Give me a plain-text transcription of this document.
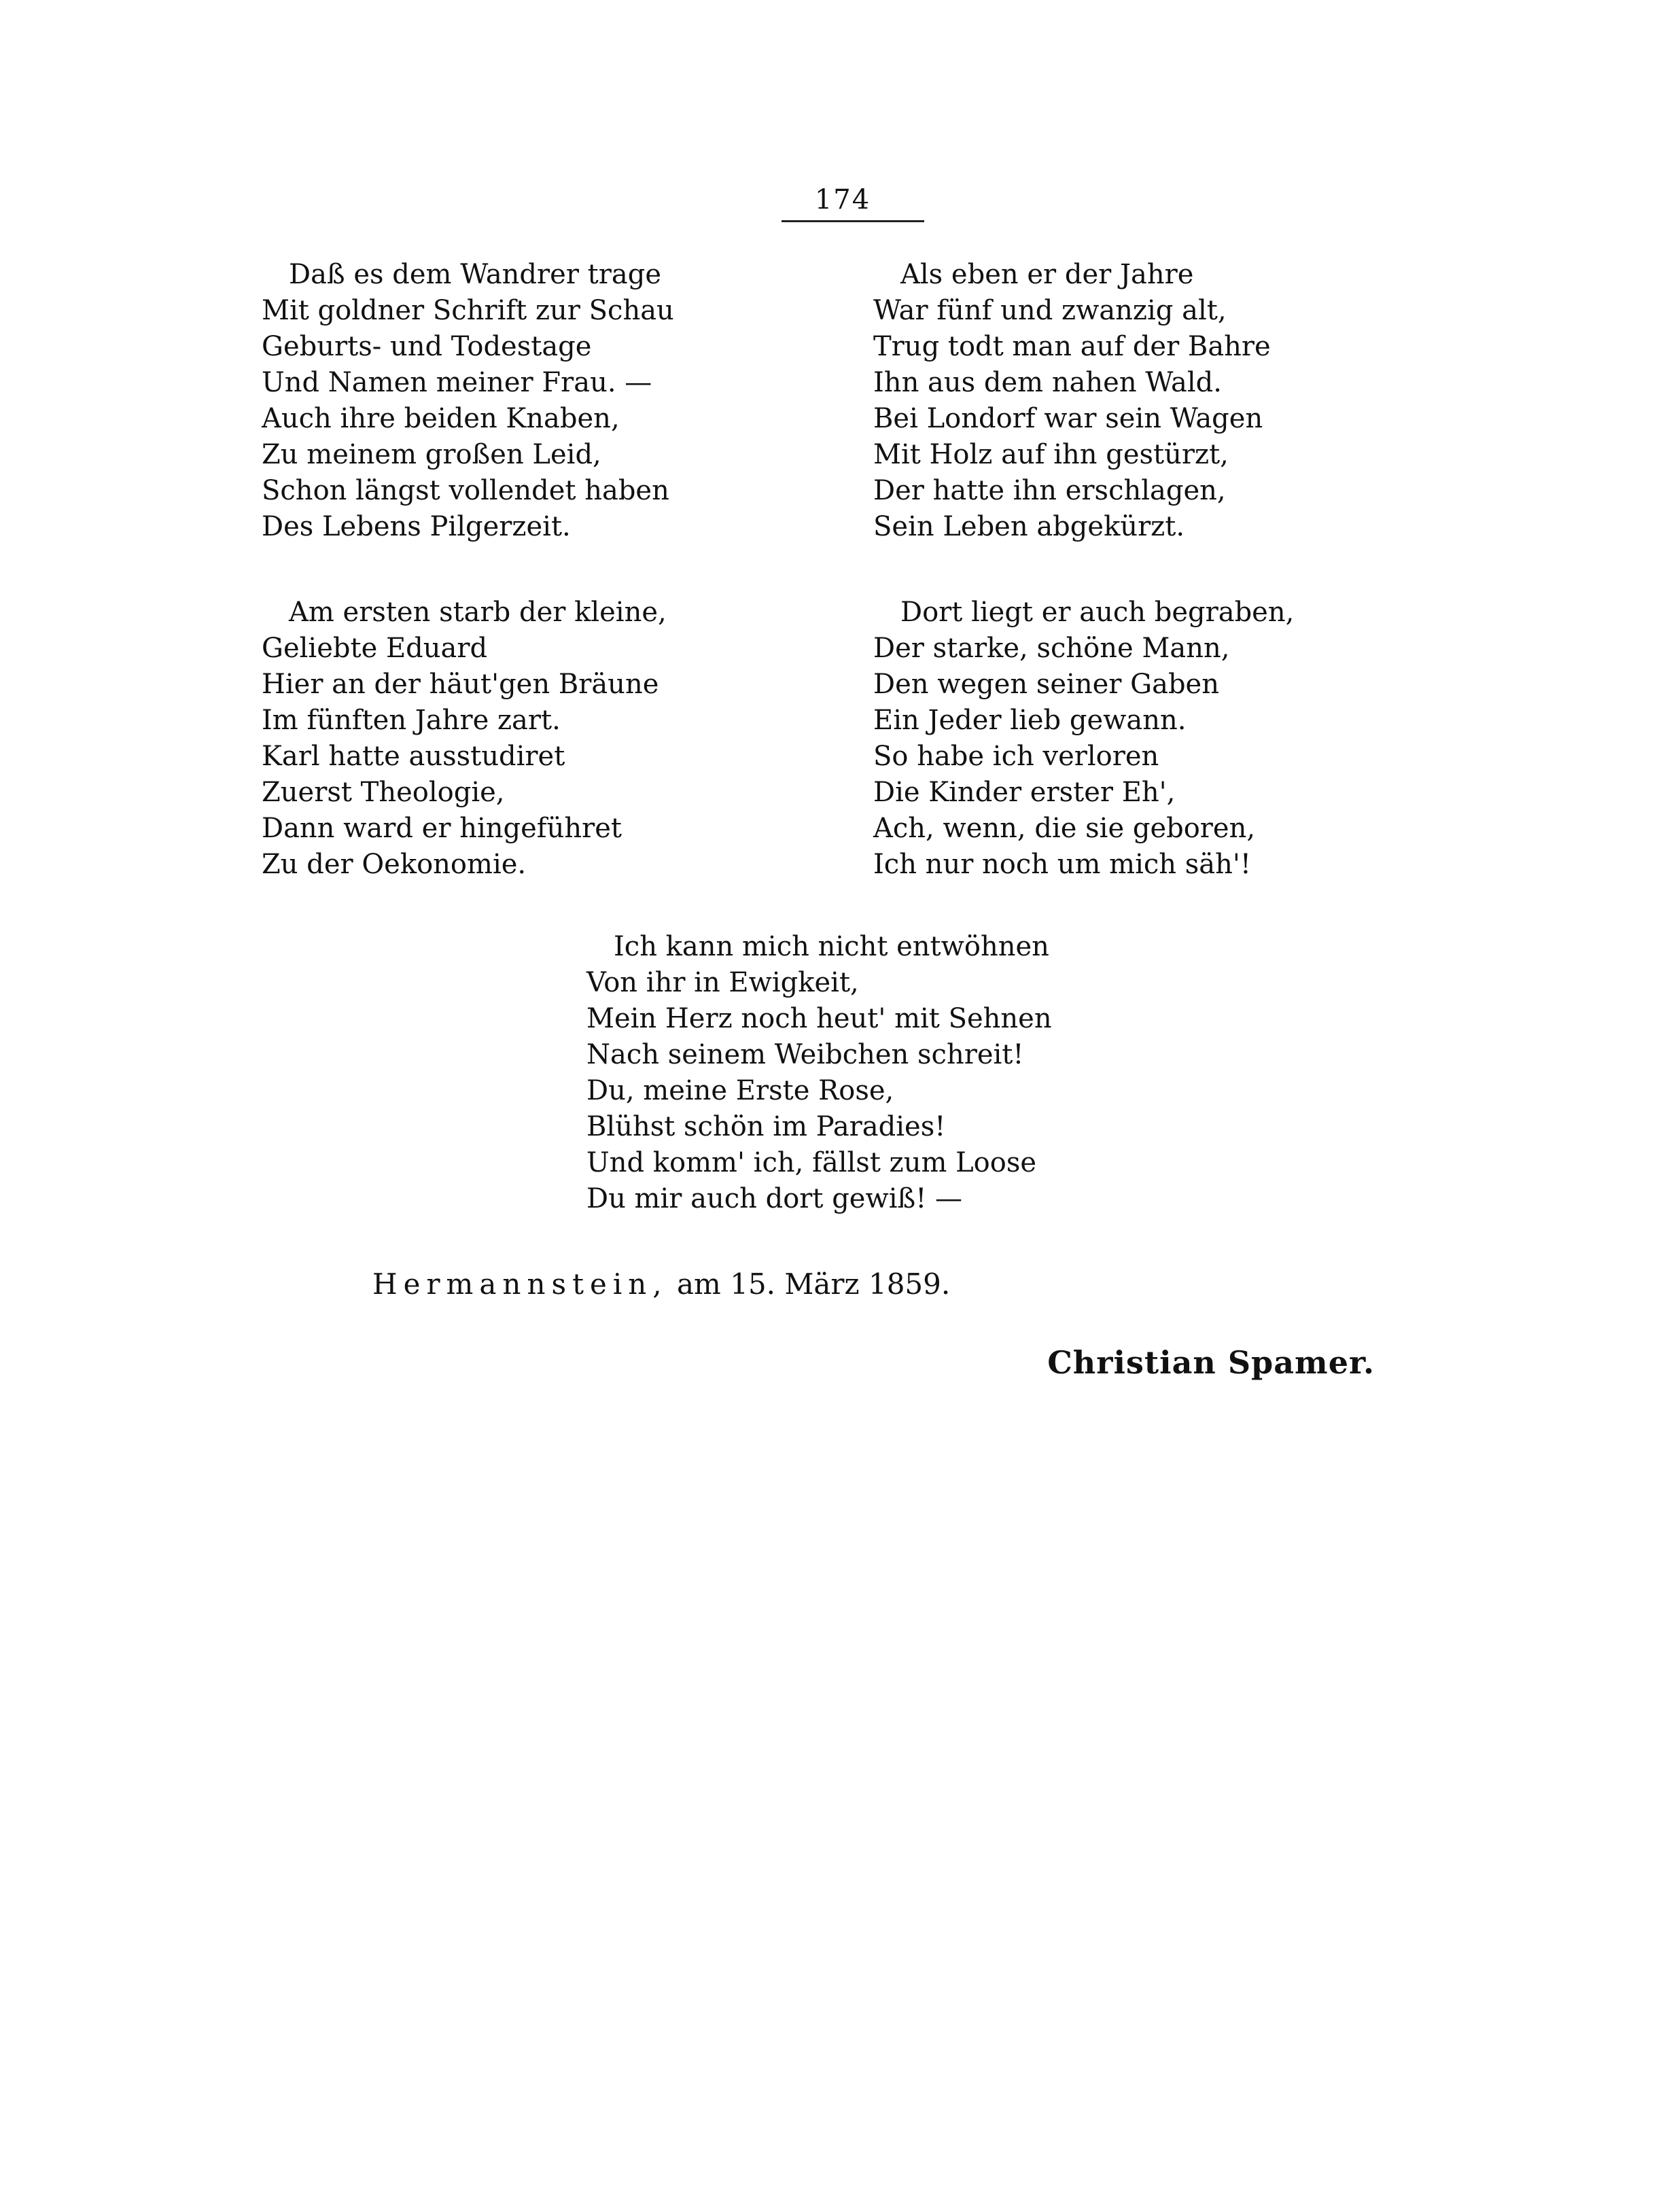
174
Daß es dem Wandrer trage
Mit goldner Schrift zur Schau
Geburts- und Todestage
Und Namen meiner Frau. —
Auch ihre beiden Knaben,
Zu meinem großen Leid,
Schon längst vollendet haben
Des Lebens Pilgerzeit.
Als eben er der Jahre
War fünf und zwanzig alt,
Trug todt man auf der Bahre
Ihn aus dem nahen Wald.
Bei Londorf war sein Wagen
Mit Holz auf ihn gestürzt,
Der hatte ihn erschlagen,
Sein Leben abgekürzt.
Am ersten starb der kleine,
Geliebte Eduard
Hier an der häut'gen Bräune
Im fünften Jahre zart.
Karl hatte ausstudiret
Zuerst Theologie,
Dann ward er hingeführet
Zu der Oekonomie.
Dort liegt er auch begraben,
Der starke, schöne Mann,
Den wegen seiner Gaben
Ein Jeder lieb gewann.
So habe ich verloren
Die Kinder erster Eh',
Ach, wenn, die sie geboren,
Ich nur noch um mich säh'!
Ich kann mich nicht entwöhnen
Von ihr in Ewigkeit,
Mein Herz noch heut' mit Sehnen
Nach seinem Weibchen schreit!
Du, meine Erste Rose,
Blühst schön im Paradies!
Und komm' ich, fällst zum Loose
Du mir auch dort gewiß! —
Hermannstein, am 15. März 1859.
Christian Spamer.
